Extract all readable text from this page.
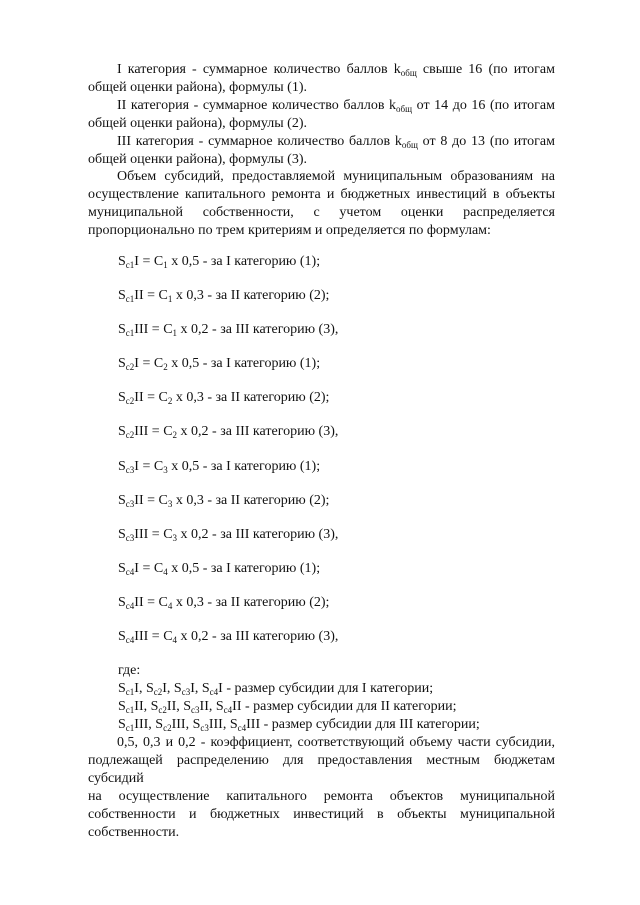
I категория - суммарное количество баллов $k_{общ}$ свыше 16 (по итогам
общей оценки района), формулы (1).
II категория - суммарное количество баллов $k_{общ}$ от 14 до 16 (по итогам
общей оценки района), формулы (2).
III категория - суммарное количество баллов $k_{общ}$ от 8 до 13 (по итогам
общей оценки района), формулы (3).
Объем субсидий, предоставляемой муниципальным образованиям на
осуществление капитального ремонта и бюджетных инвестиций в объекты
муниципальной собственности, с учетом оценки распределяется
пропорционально по трем критериям и определяется по формулам:
$S_{c1}I = C_1$ x 0,5 - за I категорию (1);
$S_{c1}II = C_1$ x 0,3 - за II категорию (2);
$S_{c1}III = C_1$ x 0,2 - за III категорию (3),
$S_{c2}I = C_2$ x 0,5 - за I категорию (1);
$S_{c2}II = C_2$ x 0,3 - за II категорию (2);
$S_{c2}III = C_2$ x 0,2 - за III категорию (3),
$S_{c3}I = C_3$ x 0,5 - за I категорию (1);
$S_{c3}II = C_3$ x 0,3 - за II категорию (2);
$S_{c3}III = C_3$ x 0,2 - за III категорию (3),
$S_{c4}I = C_4$ x 0,5 - за I категорию (1);
$S_{c4}II = C_4$ x 0,3 - за II категорию (2);
$S_{c4}III = C_4$ x 0,2 - за III категорию (3),
где:
$S_{c1}I$, $S_{c2}I$, $S_{c3}I$, $S_{c4}I$ - размер субсидии для I категории;
$S_{c1}II$, $S_{c2}II$, $S_{c3}II$, $S_{c4}II$ - размер субсидии для II категории;
$S_{c1}III$, $S_{c2}III$, $S_{c3}III$, $S_{c4}III$ - размер субсидии для III категории;
0,5, 0,3 и 0,2 - коэффициент, соответствующий объему части субсидии,
подлежащей распределению для предоставления местным бюджетам субсидий
на осуществление капитального ремонта объектов муниципальной
собственности и бюджетных инвестиций в объекты муниципальной
собственности.
